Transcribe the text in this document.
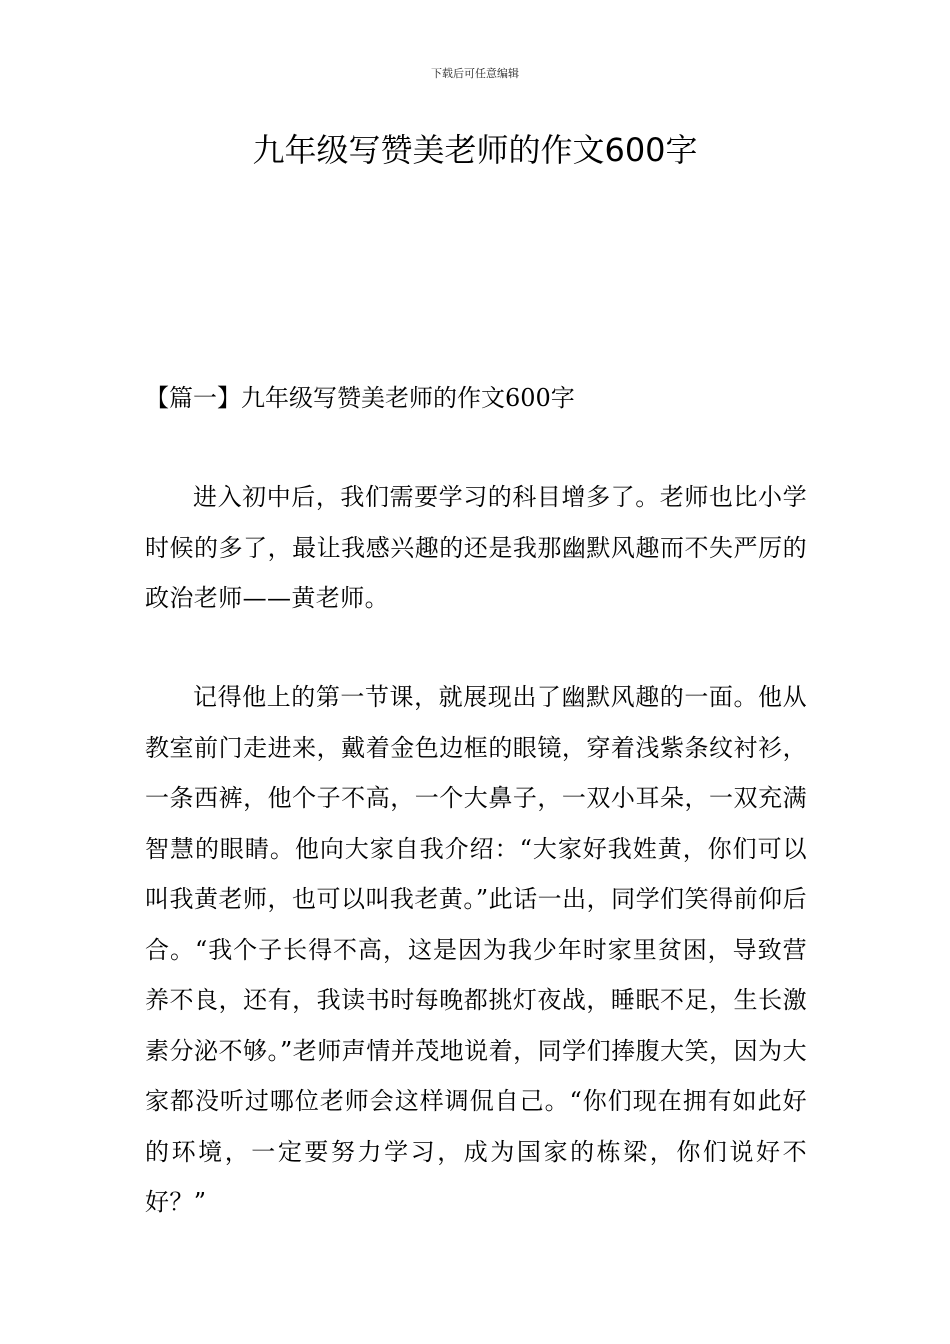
下载后可任意编辑
九年级写赞美老师的作文600字
【篇一】九年级写赞美老师的作文600字

进入初中后，我们需要学习的科目增多了。老师也比小学时候的多了，最让我感兴趣的还是我那幽默风趣而不失严厉的政治老师——黄老师。

记得他上的第一节课，就展现出了幽默风趣的一面。他从教室前门走进来，戴着金色边框的眼镜，穿着浅紫条纹衬衫，一条西裤，他个子不高，一个大鼻子，一双小耳朵，一双充满智慧的眼睛。他向大家自我介绍：“大家好我姓黄，你们可以叫我黄老师，也可以叫我老黄。”此话一出，同学们笑得前仰后合。“我个子长得不高，这是因为我少年时家里贫困，导致营养不良，还有，我读书时每晚都挑灯夜战，睡眠不足，生长激素分泌不够。”老师声情并茂地说着，同学们捧腹大笑，因为大家都没听过哪位老师会这样调侃自己。“你们现在拥有如此好的环境，一定要努力学习，成为国家的栋梁，你们说好不好？”
